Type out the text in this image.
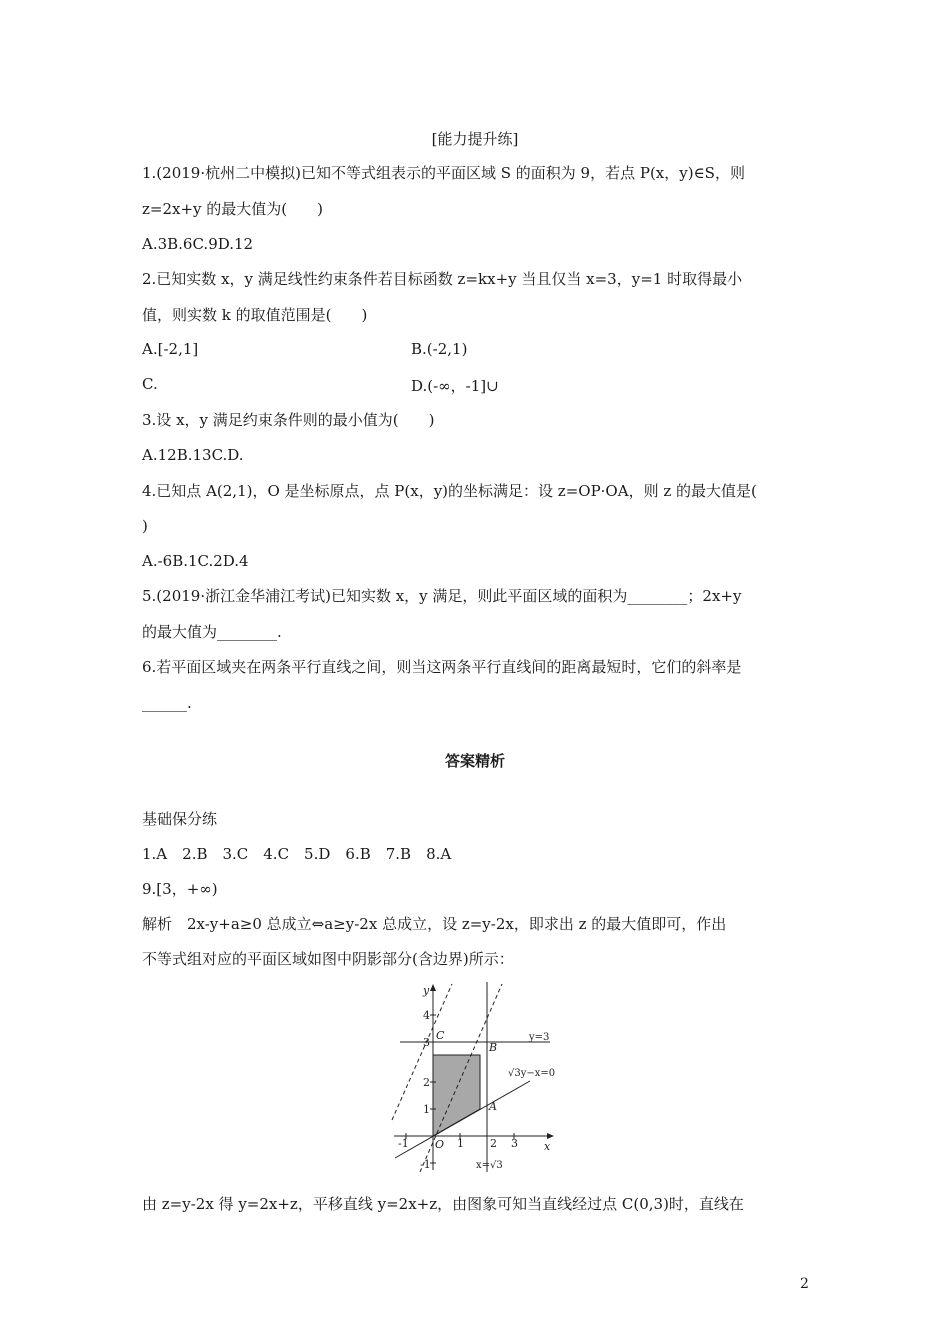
[能力提升练]
1.(2019·杭州二中模拟)已知不等式组表示的平面区域 S 的面积为 9，若点 P(x，y)∈S，则
z=2x+y 的最大值为(　　)
A.3B.6C.9D.12
2.已知实数 x，y 满足线性约束条件若目标函数 z=kx+y 当且仅当 x=3，y=1 时取得最小
值，则实数 k 的取值范围是(　　)
A.[-2,1]	B.(-2,1)
C.	D.(-∞，-1]∪
3.设 x，y 满足约束条件则的最小值为(　　)
A.12B.13C.D.
4.已知点 A(2,1)，O 是坐标原点，点 P(x，y)的坐标满足：设 z=OP·OA，则 z 的最大值是(
)
A.-6B.1C.2D.4
5.(2019·浙江金华浦江考试)已知实数 x，y 满足，则此平面区域的面积为________；2x+y
的最大值为________.
6.若平面区域夹在两条平行直线之间，则当这两条平行直线间的距离最短时，它们的斜率是
______.
答案精析
基础保分练
1.A　2.B　3.C　4.C　5.D　6.B　7.B　8.A
9.[3，+∞)
解析　2x-y+a≥0 总成立⇔a≥y-2x 总成立，设 z=y-2x，即求出 z 的最大值即可，作出
不等式组对应的平面区域如图中阴影部分(含边界)所示：
y
x
4
3
2
1
-1
-1	1 2 3
O
C
B
A
y=3
√3y−x=0
x=√3
由 z=y-2x 得 y=2x+z，平移直线 y=2x+z，由图象可知当直线经过点 C(0,3)时，直线在
2
